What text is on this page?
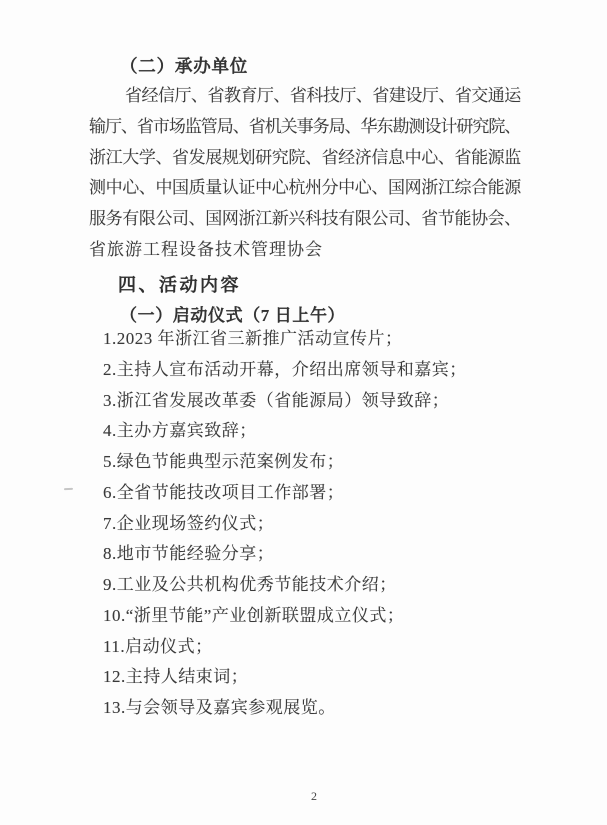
（二）承办单位
省经信厅、省教育厅、省科技厅、省建设厅、省交通运
输厅、省市场监管局、省机关事务局、华东勘测设计研究院、
浙江大学、省发展规划研究院、省经济信息中心、省能源监
测中心、中国质量认证中心杭州分中心、国网浙江综合能源
服务有限公司、国网浙江新兴科技有限公司、省节能协会、
省旅游工程设备技术管理协会
四、活动内容
（一）启动仪式（7 日上午）
1.2023 年浙江省三新推广活动宣传片；
2.主持人宣布活动开幕，介绍出席领导和嘉宾；
3.浙江省发展改革委（省能源局）领导致辞；
4.主办方嘉宾致辞；
5.绿色节能典型示范案例发布；
6.全省节能技改项目工作部署；
7.企业现场签约仪式；
8.地市节能经验分享；
9.工业及公共机构优秀节能技术介绍；
10.“浙里节能”产业创新联盟成立仪式；
11.启动仪式；
12.主持人结束词；
13.与会领导及嘉宾参观展览。
2
